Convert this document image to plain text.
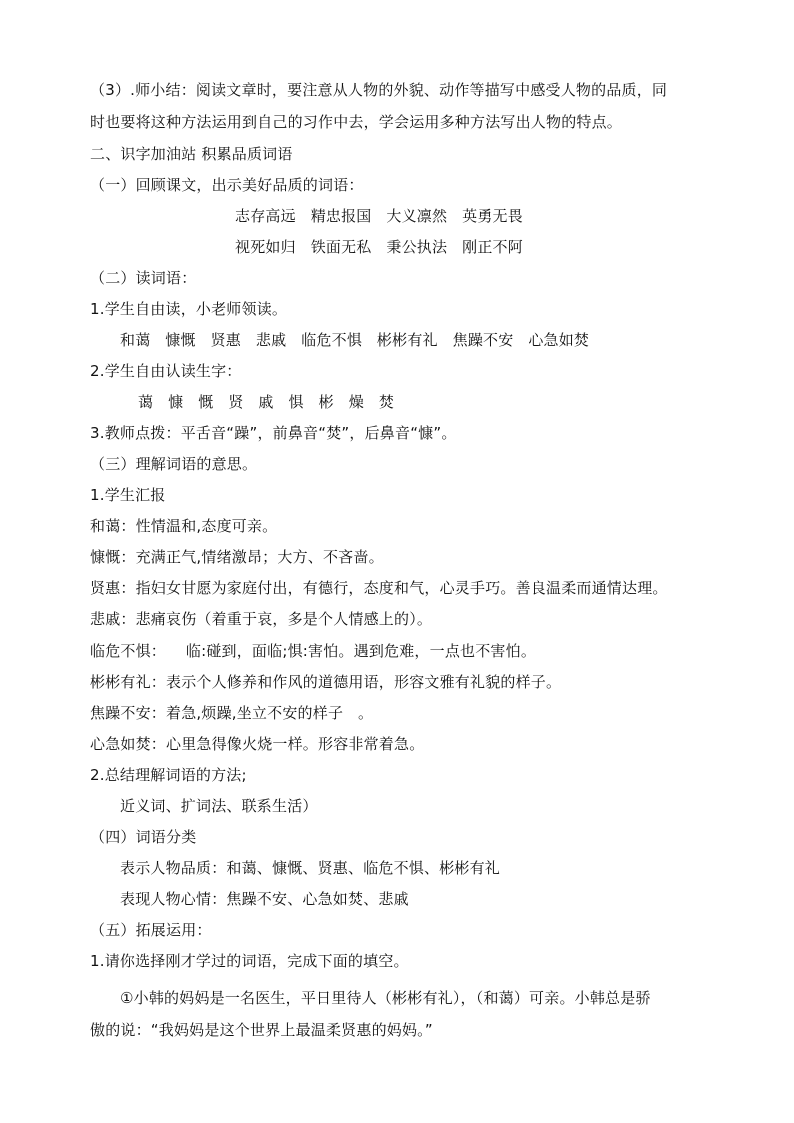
（3）.师小结：阅读文章时，要注意从人物的外貌、动作等描写中感受人物的品质，同
时也要将这种方法运用到自己的习作中去，学会运用多种方法写出人物的特点。
二、识字加油站 积累品质词语
（一）回顾课文，出示美好品质的词语：
志存高远   精忠报国   大义凛然   英勇无畏
视死如归   铁面无私   秉公执法   刚正不阿
（二）读词语：
1.学生自由读，小老师领读。
和蔼   慷慨   贤惠   悲戚   临危不惧   彬彬有礼   焦躁不安   心急如焚
2.学生自由认读生字：
蔼   慷   慨   贤   戚   惧   彬   燥   焚
3.教师点拨：平舌音“躁”，前鼻音“焚”，后鼻音“慷”。
（三）理解词语的意思。
1.学生汇报
和蔼：性情温和,态度可亲。
慷慨：充满正气,情绪激昂；大方、不吝啬。
贤惠：指妇女甘愿为家庭付出，有德行，态度和气，心灵手巧。善良温柔而通情达理。
悲戚：悲痛哀伤（着重于哀，多是个人情感上的）。
临危不惧：    临:碰到，面临;惧:害怕。遇到危难，一点也不害怕。
彬彬有礼：表示个人修养和作风的道德用语，形容文雅有礼貌的样子。
焦躁不安：着急,烦躁,坐立不安的样子   。
心急如焚：心里急得像火烧一样。形容非常着急。
2.总结理解词语的方法;
近义词、扩词法、联系生活）
（四）词语分类
表示人物品质：和蔼、慷慨、贤惠、临危不惧、彬彬有礼
表现人物心情：焦躁不安、心急如焚、悲戚
（五）拓展运用：
1.请你选择刚才学过的词语，完成下面的填空。
①小韩的妈妈是一名医生，平日里待人（彬彬有礼），（和蔼）可亲。小韩总是骄
傲的说：“我妈妈是这个世界上最温柔贤惠的妈妈。”
